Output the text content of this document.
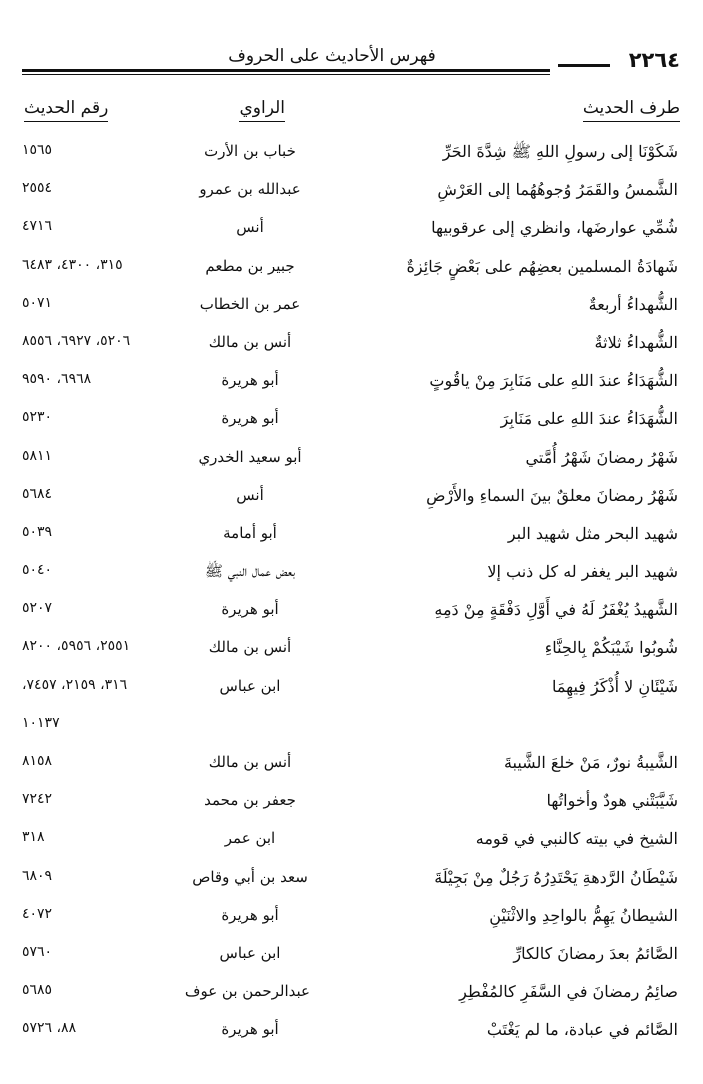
٢٢٦٤
فهرس الأحاديث على الحروف
طرف الحديث
الراوي
رقم الحديث
شَكَوْنَا إلى رسولِ اللهِ ﷺ شِدَّةَ الحَرِّ
خباب بن الأرت
١٥٦٥
الشَّمسُ والقَمَرُ وُجوهُهُما إلى العَرْشِ
عبدالله بن عمرو
٢٥٥٤
شُمِّي عوارضَها، وانظري إلى عرقوبيها
أنس
٤٧١٦
شَهادَةُ المسلمين بعضِهُم على بَعْضٍ جَائِزةٌ
جبير بن مطعم
٣١٥، ٤٣٠٠، ٦٤٨٣
الشُّهداءُ أربعةٌ
عمر بن الخطاب
٥٠٧١
الشُّهداءُ ثلاثةٌ
أنس بن مالك
٥٢٠٦، ٦٩٢٧، ٨٥٥٦
الشُّهَدَاءُ عندَ اللهِ على مَنَابِرَ مِنْ ياقُوتٍ
أبو هريرة
٦٩٦٨، ٩٥٩٠
الشُّهَدَاءُ عندَ اللهِ على مَنَابِرَ
أبو هريرة
٥٢٣٠
شَهْرُ رمضانَ شَهْرُ أُمَّتي
أبو سعيد الخدري
٥٨١١
شَهْرُ رمضانَ معلقٌ بينَ السماءِ والأَرْضِ
أنس
٥٦٨٤
شهيد البحر مثل شهيد البر
أبو أمامة
٥٠٣٩
شهيد البر يغفر له كل ذنب إلا
بعض عمال النبي ﷺ
٥٠٤٠
الشَّهيدُ يُغْفَرُ لَهُ في أَوَّلِ دَفْقَةٍ مِنْ دَمِهِ
أبو هريرة
٥٢٠٧
شُوبُوا شَيْبَكُمْ بِالحِنَّاءِ
أنس بن مالك
٢٥٥١، ٥٩٥٦، ٨٢٠٠
شَيْئَانِ لا أُذْكَرُ فِيهِمَا
ابن عباس
٣١٦، ٢١٥٩، ٧٤٥٧،
١٠١٣٧
الشَّيبةُ نورٌ، مَنْ خلعَ الشَّيبةَ
أنس بن مالك
٨١٥٨
شَيَّبَتْني هودٌ وأخواتُها
جعفر بن محمد
٧٢٤٢
الشيخ في بيته كالنبي في قومه
ابن عمر
٣١٨
شَيْطَانُ الرَّدهةِ يَحْتَدِرُهُ رَجُلٌ مِنْ بَجِيْلَةَ
سعد بن أبي وقاص
٦٨٠٩
الشيطانُ يَهِمُّ بالواحِدِ والاثْنَيْنِ
أبو هريرة
٤٠٧٢
الصَّائمُ بعدَ رمضانَ كالكارِّ
ابن عباس
٥٧٦٠
صائِمُ رمضانَ في السَّفَرِ كالمُفْطِرِ
عبدالرحمن بن عوف
٥٦٨٥
الصَّائم في عبادة، ما لم يَغْتَبْ
أبو هريرة
٨٨، ٥٧٢٦
